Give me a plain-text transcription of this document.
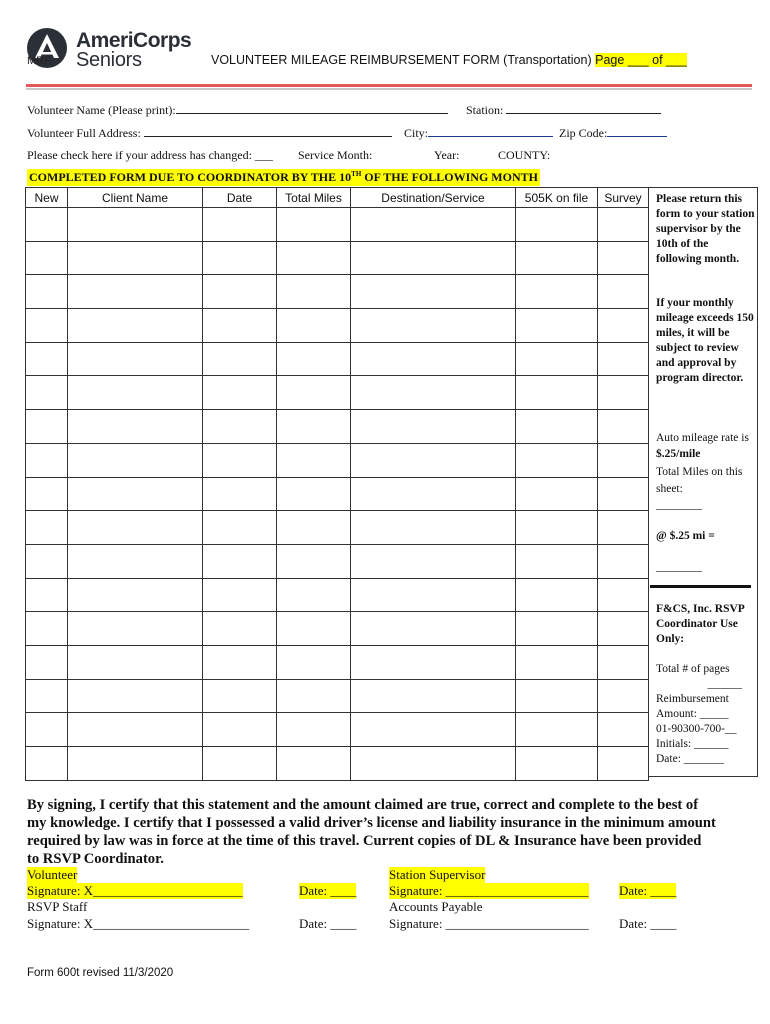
AmeriCorps
Seniors
MRF	VOLUNTEER MILEAGE REIMBURSEMENT FORM (Transportation) Page ___ of ___
Volunteer Name (Please print):	Station:
Volunteer Full Address:	City:	Zip Code:
Please check here if your address has changed: ___ Service Month:	Year:	COUNTY:
COMPLETED FORM DUE TO COORDINATOR BY THE 10TH OF THE FOLLOWING MONTH
New	Client Name	Date	Total Miles	Destination/Service	505K on file	Survey

						Please return this form to your station supervisor by the 10th of the following month.
If your monthly mileage exceeds 150 miles, it will be subject to review and approval by program director.
Auto mileage rate is $.25/mile
Total Miles on this sheet:
________
@ $.25 mi =
________
F&CS, Inc. RSVP Coordinator Use Only:
Total # of pages
______
Reimbursement Amount: _____
01-90300-700-__
Initials: ______
Date: _______
By signing, I certify that this statement and the amount claimed are true, correct and complete to the best of my knowledge. I certify that I possessed a valid driver’s license and liability insurance in the minimum amount required by law was in force at the time of this travel. Current copies of DL & Insurance have been provided to RSVP Coordinator.
Volunteer
Signature: X_______________________	Date: ____
Station Supervisor
Signature: ______________________ Date: ____
RSVP Staff
Signature: X________________________	Date: ____
Accounts Payable
Signature: ______________________ Date: ____
Form 600t revised 11/3/2020
